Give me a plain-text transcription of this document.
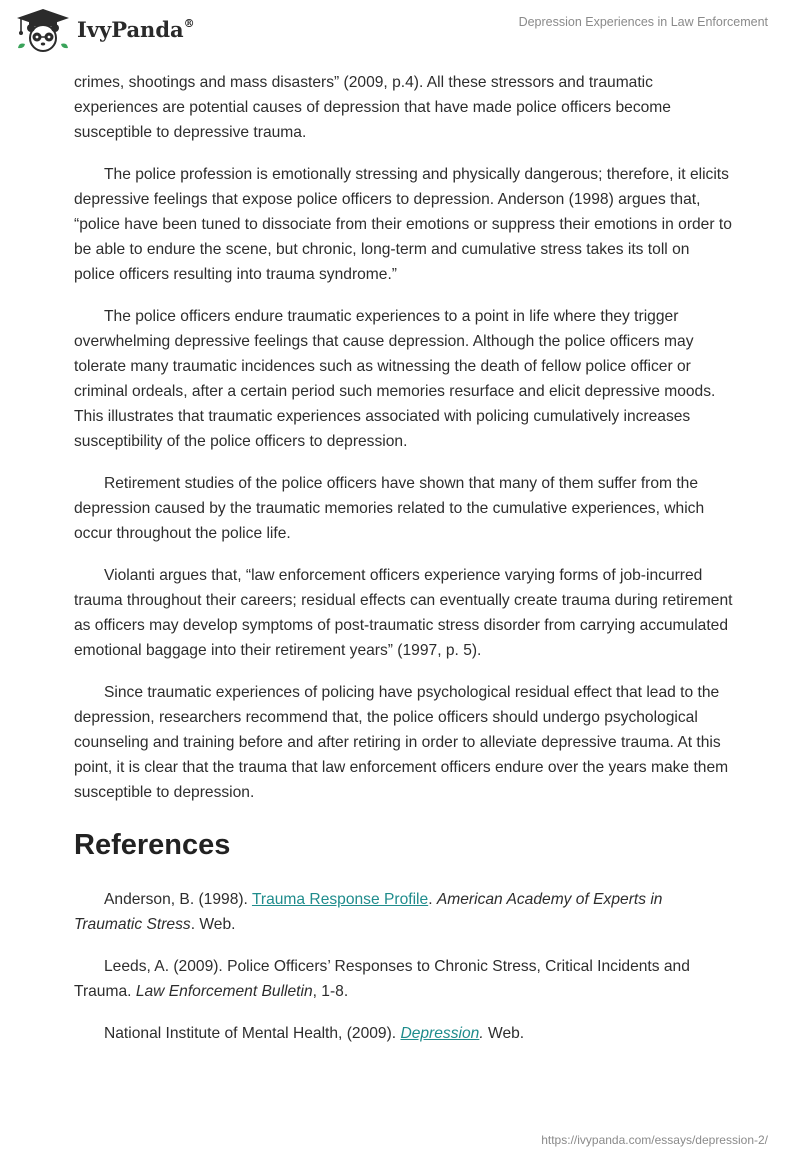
IvyPanda®	Depression Experiences in Law Enforcement

crimes, shootings and mass disasters” (2009, p.4). All these stressors and traumatic experiences are potential causes of depression that have made police officers become susceptible to depressive trauma.

The police profession is emotionally stressing and physically dangerous; therefore, it elicits depressive feelings that expose police officers to depression. Anderson (1998) argues that, “police have been tuned to dissociate from their emotions or suppress their emotions in order to be able to endure the scene, but chronic, long-term and cumulative stress takes its toll on police officers resulting into trauma syndrome.”

The police officers endure traumatic experiences to a point in life where they trigger overwhelming depressive feelings that cause depression. Although the police officers may tolerate many traumatic incidences such as witnessing the death of fellow police officer or criminal ordeals, after a certain period such memories resurface and elicit depressive moods. This illustrates that traumatic experiences associated with policing cumulatively increases susceptibility of the police officers to depression.

Retirement studies of the police officers have shown that many of them suffer from the depression caused by the traumatic memories related to the cumulative experiences, which occur throughout the police life.

Violanti argues that, “law enforcement officers experience varying forms of job-incurred trauma throughout their careers; residual effects can eventually create trauma during retirement as officers may develop symptoms of post-traumatic stress disorder from carrying accumulated emotional baggage into their retirement years” (1997, p. 5).

Since traumatic experiences of policing have psychological residual effect that lead to the depression, researchers recommend that, the police officers should undergo psychological counseling and training before and after retiring in order to alleviate depressive trauma. At this point, it is clear that the trauma that law enforcement officers endure over the years make them susceptible to depression.

References

Anderson, B. (1998). Trauma Response Profile. American Academy of Experts in Traumatic Stress. Web.

Leeds, A. (2009). Police Officers’ Responses to Chronic Stress, Critical Incidents and Trauma. Law Enforcement Bulletin, 1-8.

National Institute of Mental Health, (2009). Depression. Web.

https://ivypanda.com/essays/depression-2/
